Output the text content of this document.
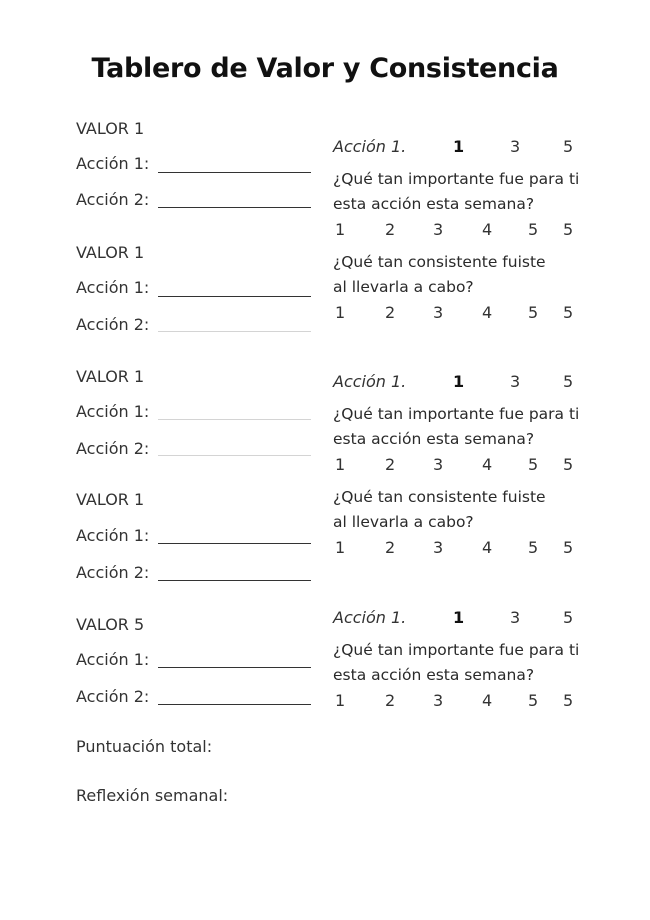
Tablero de Valor y Consistencia
VALOR 1
Acción 1:
Acción 2:
VALOR 1
Acción 1:
Acción 2:
VALOR 1
Acción 1:
Acción 2:
VALOR 1
Acción 1:
Acción 2:
VALOR 5
Acción 1:
Acción 2:
Acción 1.	1	3	5
¿Qué tan importante fue para ti
esta acción esta semana?
1 2 3 4 5 5
¿Qué tan consistente fuiste
al llevarla a cabo?
1 2 3 4 5 5
Acción 1.	1	3	5
¿Qué tan importante fue para ti
esta acción esta semana?
1 2 3 4 5 5
¿Qué tan consistente fuiste
al llevarla a cabo?
1 2 3 4 5 5
Acción 1.	1	3	5
¿Qué tan importante fue para ti
esta acción esta semana?
1 2 3 4 5 5
Puntuación total:
Reflexión semanal:
